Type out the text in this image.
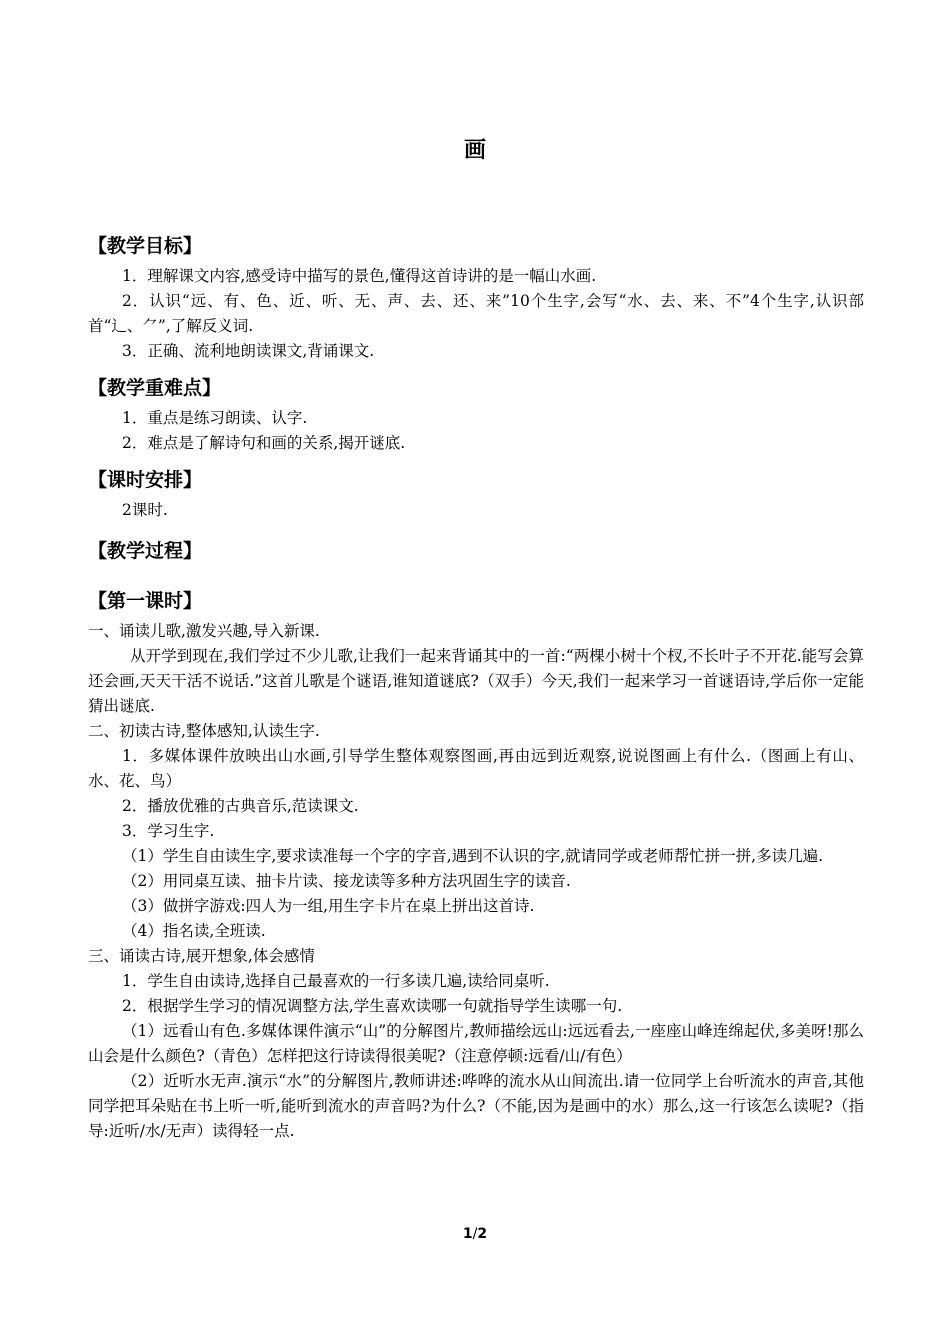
画

【教学目标】

1．理解课文内容,感受诗中描写的景色,懂得这首诗讲的是一幅山水画.

2．认识“远、有、色、近、听、无、声、去、还、来”10个生字,会写“水、去、来、不”4个生字,认识部首“辶、⺈”,了解反义词.

3．正确、流利地朗读课文,背诵课文.

【教学重难点】

1．重点是练习朗读、认字.

2．难点是了解诗句和画的关系,揭开谜底.

【课时安排】

2课时.

【教学过程】

【第一课时】

一、诵读儿歌,激发兴趣,导入新课.

从开学到现在,我们学过不少儿歌,让我们一起来背诵其中的一首:“两棵小树十个杈,不长叶子不开花.能写会算还会画,天天干活不说话.”这首儿歌是个谜语,谁知道谜底?（双手）今天,我们一起来学习一首谜语诗,学后你一定能猜出谜底.

二、初读古诗,整体感知,认读生字.

1．多媒体课件放映出山水画,引导学生整体观察图画,再由远到近观察,说说图画上有什么.（图画上有山、水、花、鸟）

2．播放优雅的古典音乐,范读课文.

3．学习生字.

（1）学生自由读生字,要求读准每一个字的字音,遇到不认识的字,就请同学或老师帮忙拼一拼,多读几遍.

（2）用同桌互读、抽卡片读、接龙读等多种方法巩固生字的读音.

（3）做拼字游戏:四人为一组,用生字卡片在桌上拼出这首诗.

（4）指名读,全班读.

三、诵读古诗,展开想象,体会感情

1．学生自由读诗,选择自己最喜欢的一行多读几遍,读给同桌听.

2．根据学生学习的情况调整方法,学生喜欢读哪一句就指导学生读哪一句.

（1）远看山有色.多媒体课件演示“山”的分解图片,教师描绘远山:远远看去,一座座山峰连绵起伏,多美呀!那么山会是什么颜色?（青色）怎样把这行诗读得很美呢?（注意停顿:远看/山/有色）

（2）近听水无声.演示“水”的分解图片,教师讲述:哗哗的流水从山间流出.请一位同学上台听流水的声音,其他同学把耳朵贴在书上听一听,能听到流水的声音吗?为什么?（不能,因为是画中的水）那么,这一行该怎么读呢?（指导:近听/水/无声）读得轻一点.

1/2
